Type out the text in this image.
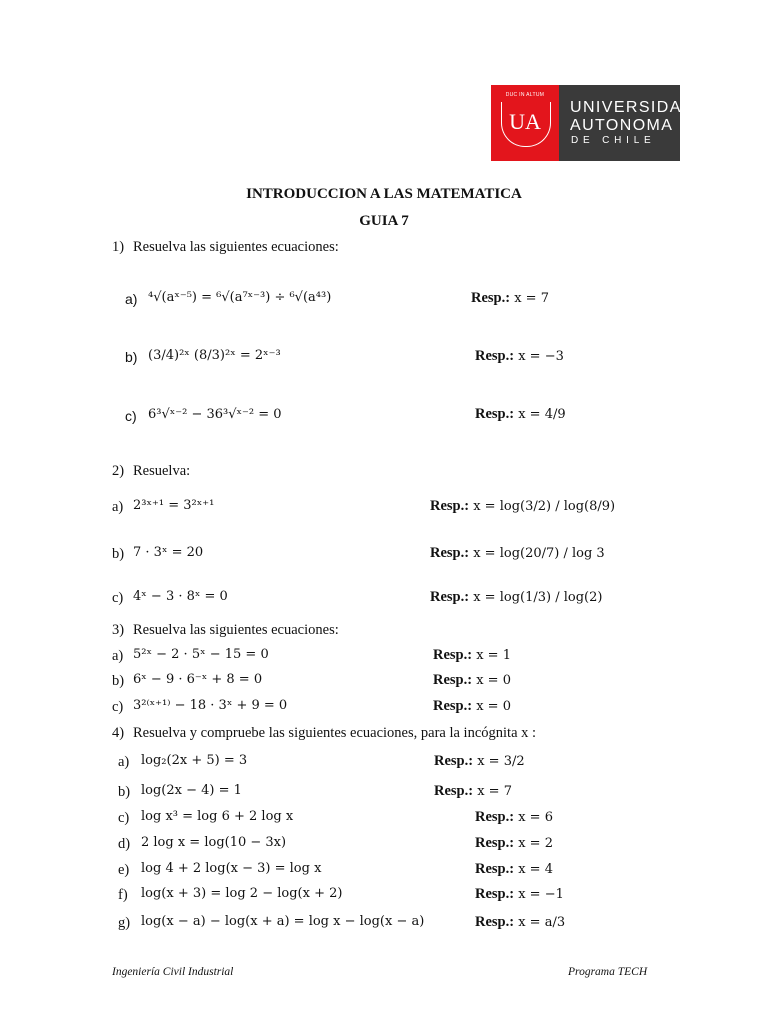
DUC IN ALTUM
UA
UNIVERSIDAD
AUTONOMA
DE CHILE
INTRODUCCION A LAS MATEMATICA
GUIA 7
1) Resuelva las siguientes ecuaciones:
a) ⁴√(aˣ⁻⁵) = ⁶√(a⁷ˣ⁻³) ÷ ⁶√(a⁴³)	Resp.: x = 7
b) (3/4)²ˣ (8/3)²ˣ = 2ˣ⁻³	Resp.: x = −3
c) 6³√ˣ⁻² − 36³√ˣ⁻² = 0	Resp.: x = 4/9
2) Resuelva:
a) 2³ˣ⁺¹ = 3²ˣ⁺¹	Resp.: x = log(3/2) / log(8/9)
b) 7 · 3ˣ = 20	Resp.: x = log(20/7) / log 3
c) 4ˣ − 3 · 8ˣ = 0	Resp.: x = log(1/3) / log(2)
3) Resuelva las siguientes ecuaciones:
a) 5²ˣ − 2 · 5ˣ − 15 = 0	Resp.: x = 1
b) 6ˣ − 9 · 6⁻ˣ + 8 = 0	Resp.: x = 0
c) 3²⁽ˣ⁺¹⁾ − 18 · 3ˣ + 9 = 0	Resp.: x = 0
4) Resuelva y compruebe las siguientes ecuaciones, para la incógnita x :
a) log₂(2x + 5) = 3	Resp.: x = 3/2
b) log(2x − 4) = 1	Resp.: x = 7
c) log x³ = log 6 + 2 log x	Resp.: x = 6
d) 2 log x = log(10 − 3x)	Resp.: x = 2
e) log 4 + 2 log(x − 3) = log x	Resp.: x = 4
f) log(x + 3) = log 2 − log(x + 2)	Resp.: x = −1
g) log(x − a) − log(x + a) = log x − log(x − a)	Resp.: x = a/3
Ingeniería Civil Industrial	Programa TECH
